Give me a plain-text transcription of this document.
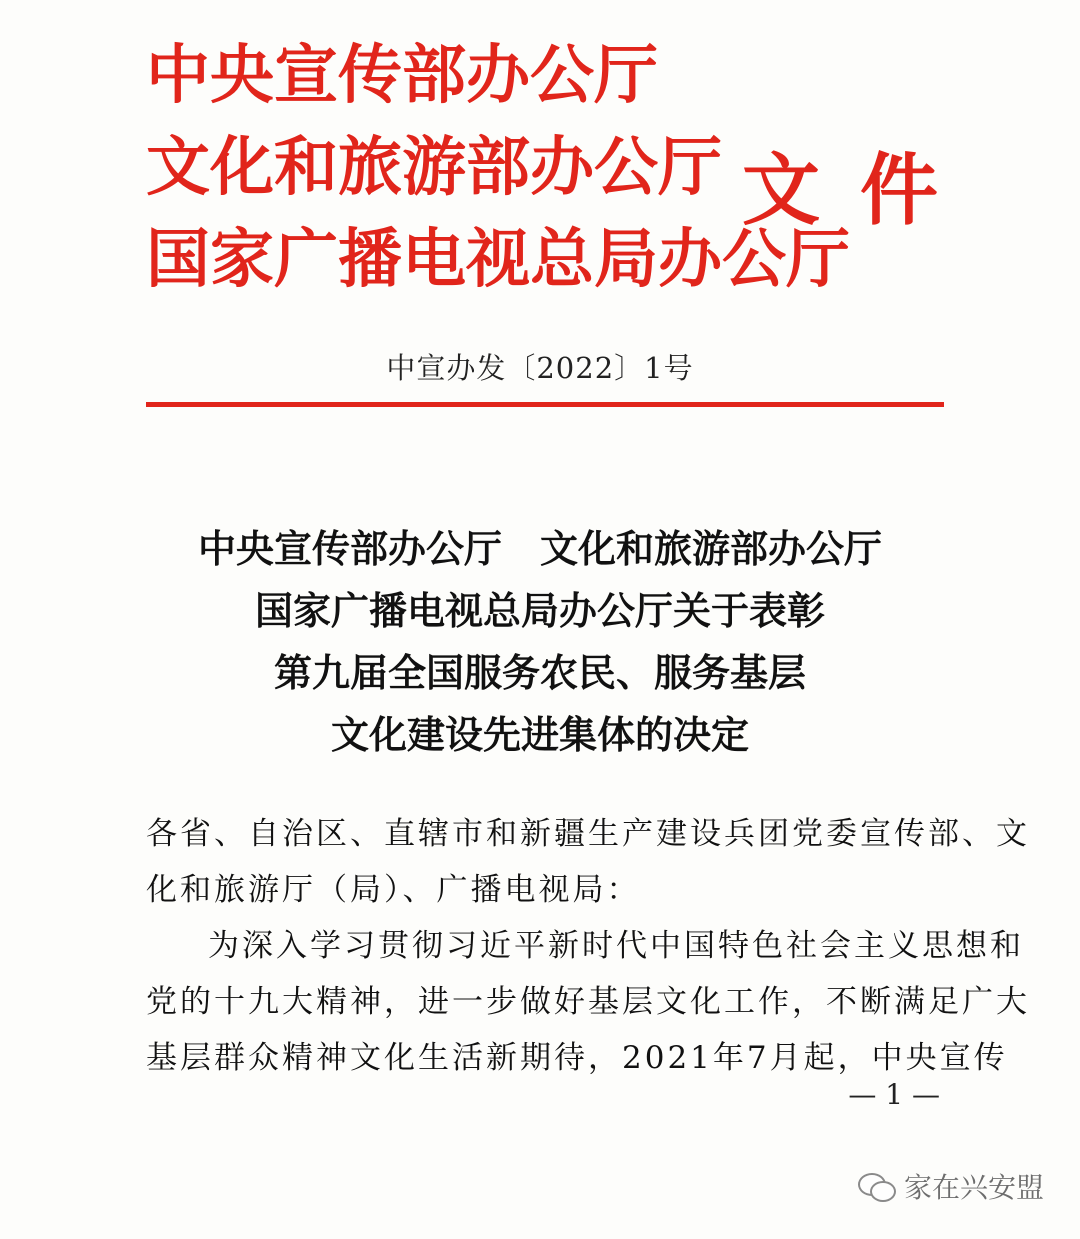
中央宣传部办公厅
文化和旅游部办公厅
国家广播电视总局办公厅
文件
中宣办发〔2022〕1号
中央宣传部办公厅　文化和旅游部办公厅
国家广播电视总局办公厅关于表彰
第九届全国服务农民、服务基层
文化建设先进集体的决定

各省、自治区、直辖市和新疆生产建设兵团党委宣传部、文

化和旅游厅（局）、广播电视局：

为深入学习贯彻习近平新时代中国特色社会主义思想和

党的十九大精神，进一步做好基层文化工作，不断满足广大

基层群众精神文化生活新期待，2021年7月起，中央宣传

— 1 —
家在兴安盟
